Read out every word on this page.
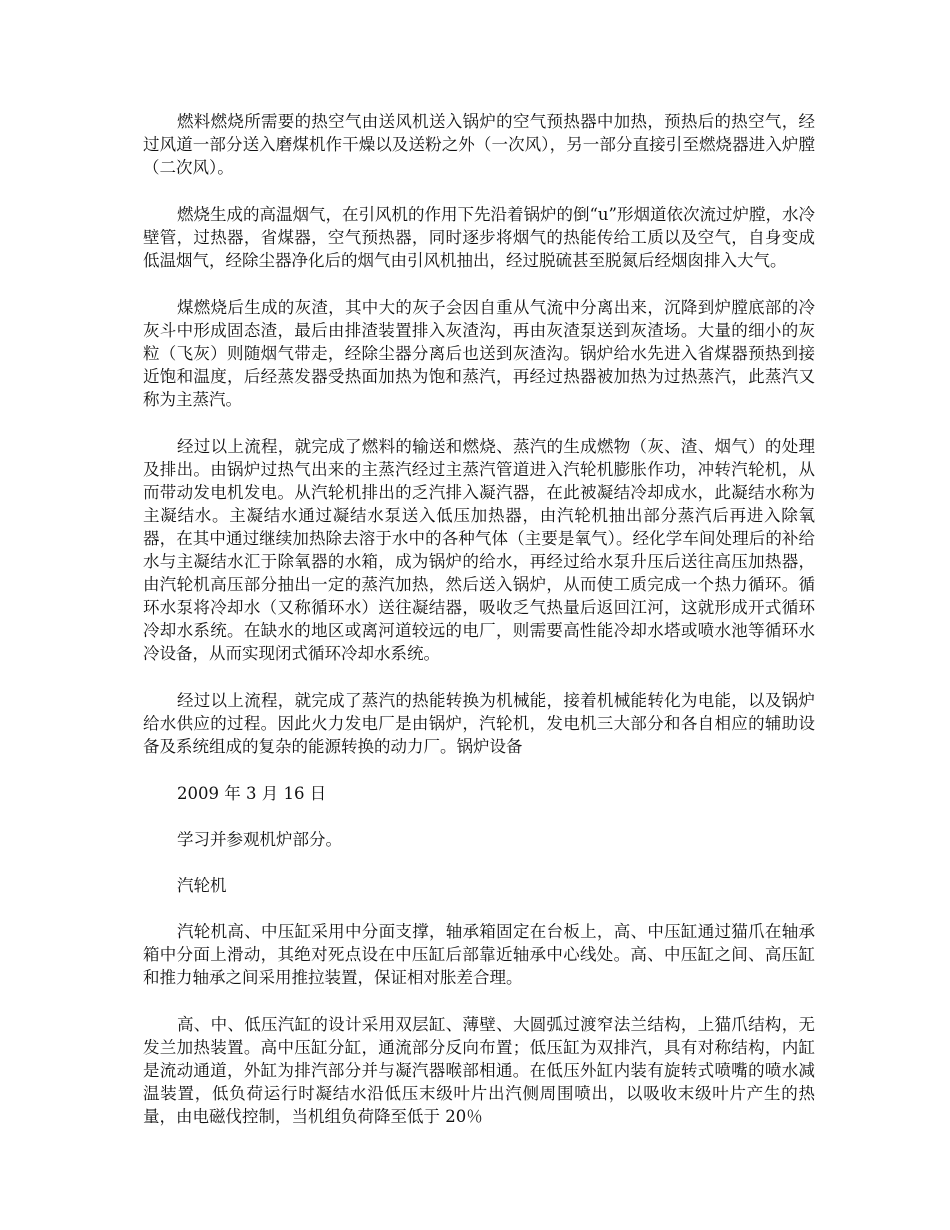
燃料燃烧所需要的热空气由送风机送入锅炉的空气预热器中加热，预热后的热空气，经过风道一部分送入磨煤机作干燥以及送粉之外（一次风），另一部分直接引至燃烧器进入炉膛（二次风）。

燃烧生成的高温烟气，在引风机的作用下先沿着锅炉的倒“u”形烟道依次流过炉膛，水冷壁管，过热器，省煤器，空气预热器，同时逐步将烟气的热能传给工质以及空气，自身变成低温烟气，经除尘器净化后的烟气由引风机抽出，经过脱硫甚至脱氮后经烟囱排入大气。

煤燃烧后生成的灰渣，其中大的灰子会因自重从气流中分离出来，沉降到炉膛底部的冷灰斗中形成固态渣，最后由排渣装置排入灰渣沟，再由灰渣泵送到灰渣场。大量的细小的灰粒（飞灰）则随烟气带走，经除尘器分离后也送到灰渣沟。锅炉给水先进入省煤器预热到接近饱和温度，后经蒸发器受热面加热为饱和蒸汽，再经过热器被加热为过热蒸汽，此蒸汽又称为主蒸汽。

经过以上流程，就完成了燃料的输送和燃烧、蒸汽的生成燃物（灰、渣、烟气）的处理及排出。由锅炉过热气出来的主蒸汽经过主蒸汽管道进入汽轮机膨胀作功，冲转汽轮机，从而带动发电机发电。从汽轮机排出的乏汽排入凝汽器，在此被凝结冷却成水，此凝结水称为主凝结水。主凝结水通过凝结水泵送入低压加热器，由汽轮机抽出部分蒸汽后再进入除氧器，在其中通过继续加热除去溶于水中的各种气体（主要是氧气）。经化学车间处理后的补给水与主凝结水汇于除氧器的水箱，成为锅炉的给水，再经过给水泵升压后送往高压加热器，由汽轮机高压部分抽出一定的蒸汽加热，然后送入锅炉，从而使工质完成一个热力循环。循环水泵将冷却水（又称循环水）送往凝结器，吸收乏气热量后返回江河，这就形成开式循环冷却水系统。在缺水的地区或离河道较远的电厂，则需要高性能冷却水塔或喷水池等循环水冷设备，从而实现闭式循环冷却水系统。

经过以上流程，就完成了蒸汽的热能转换为机械能，接着机械能转化为电能，以及锅炉给水供应的过程。因此火力发电厂是由锅炉，汽轮机，发电机三大部分和各自相应的辅助设备及系统组成的复杂的能源转换的动力厂。锅炉设备

2009 年 3 月 16 日

学习并参观机炉部分。

汽轮机

汽轮机高、中压缸采用中分面支撑，轴承箱固定在台板上，高、中压缸通过猫爪在轴承箱中分面上滑动，其绝对死点设在中压缸后部靠近轴承中心线处。高、中压缸之间、高压缸和推力轴承之间采用推拉装置，保证相对胀差合理。

高、中、低压汽缸的设计采用双层缸、薄壁、大圆弧过渡窄法兰结构，上猫爪结构，无发兰加热装置。高中压缸分缸，通流部分反向布置；低压缸为双排汽，具有对称结构，内缸是流动通道，外缸为排汽部分并与凝汽器喉部相通。在低压外缸内装有旋转式喷嘴的喷水减温装置，低负荷运行时凝结水沿低压末级叶片出汽侧周围喷出，以吸收末级叶片产生的热量，由电磁伐控制，当机组负荷降至低于 20％
